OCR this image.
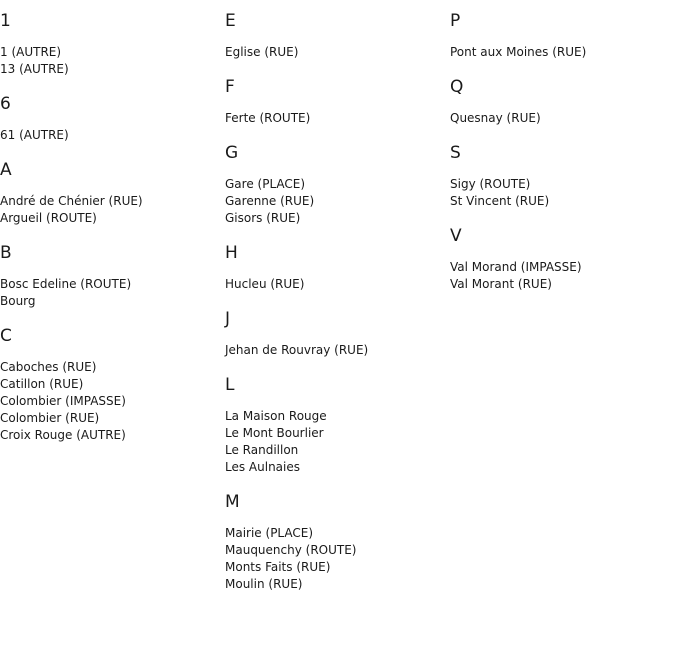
1
1 (AUTRE)
13 (AUTRE)
6
61 (AUTRE)
A
André de Chénier (RUE)
Argueil (ROUTE)
B
Bosc Edeline (ROUTE)
Bourg
C
Caboches (RUE)
Catillon (RUE)
Colombier (IMPASSE)
Colombier (RUE)
Croix Rouge (AUTRE)
E
Eglise (RUE)
F
Ferte (ROUTE)
G
Gare (PLACE)
Garenne (RUE)
Gisors (RUE)
H
Hucleu (RUE)
J
Jehan de Rouvray (RUE)
L
La Maison Rouge
Le Mont Bourlier
Le Randillon
Les Aulnaies
M
Mairie (PLACE)
Mauquenchy (ROUTE)
Monts Faits (RUE)
Moulin (RUE)
P
Pont aux Moines (RUE)
Q
Quesnay (RUE)
S
Sigy (ROUTE)
St Vincent (RUE)
V
Val Morand (IMPASSE)
Val Morant (RUE)
